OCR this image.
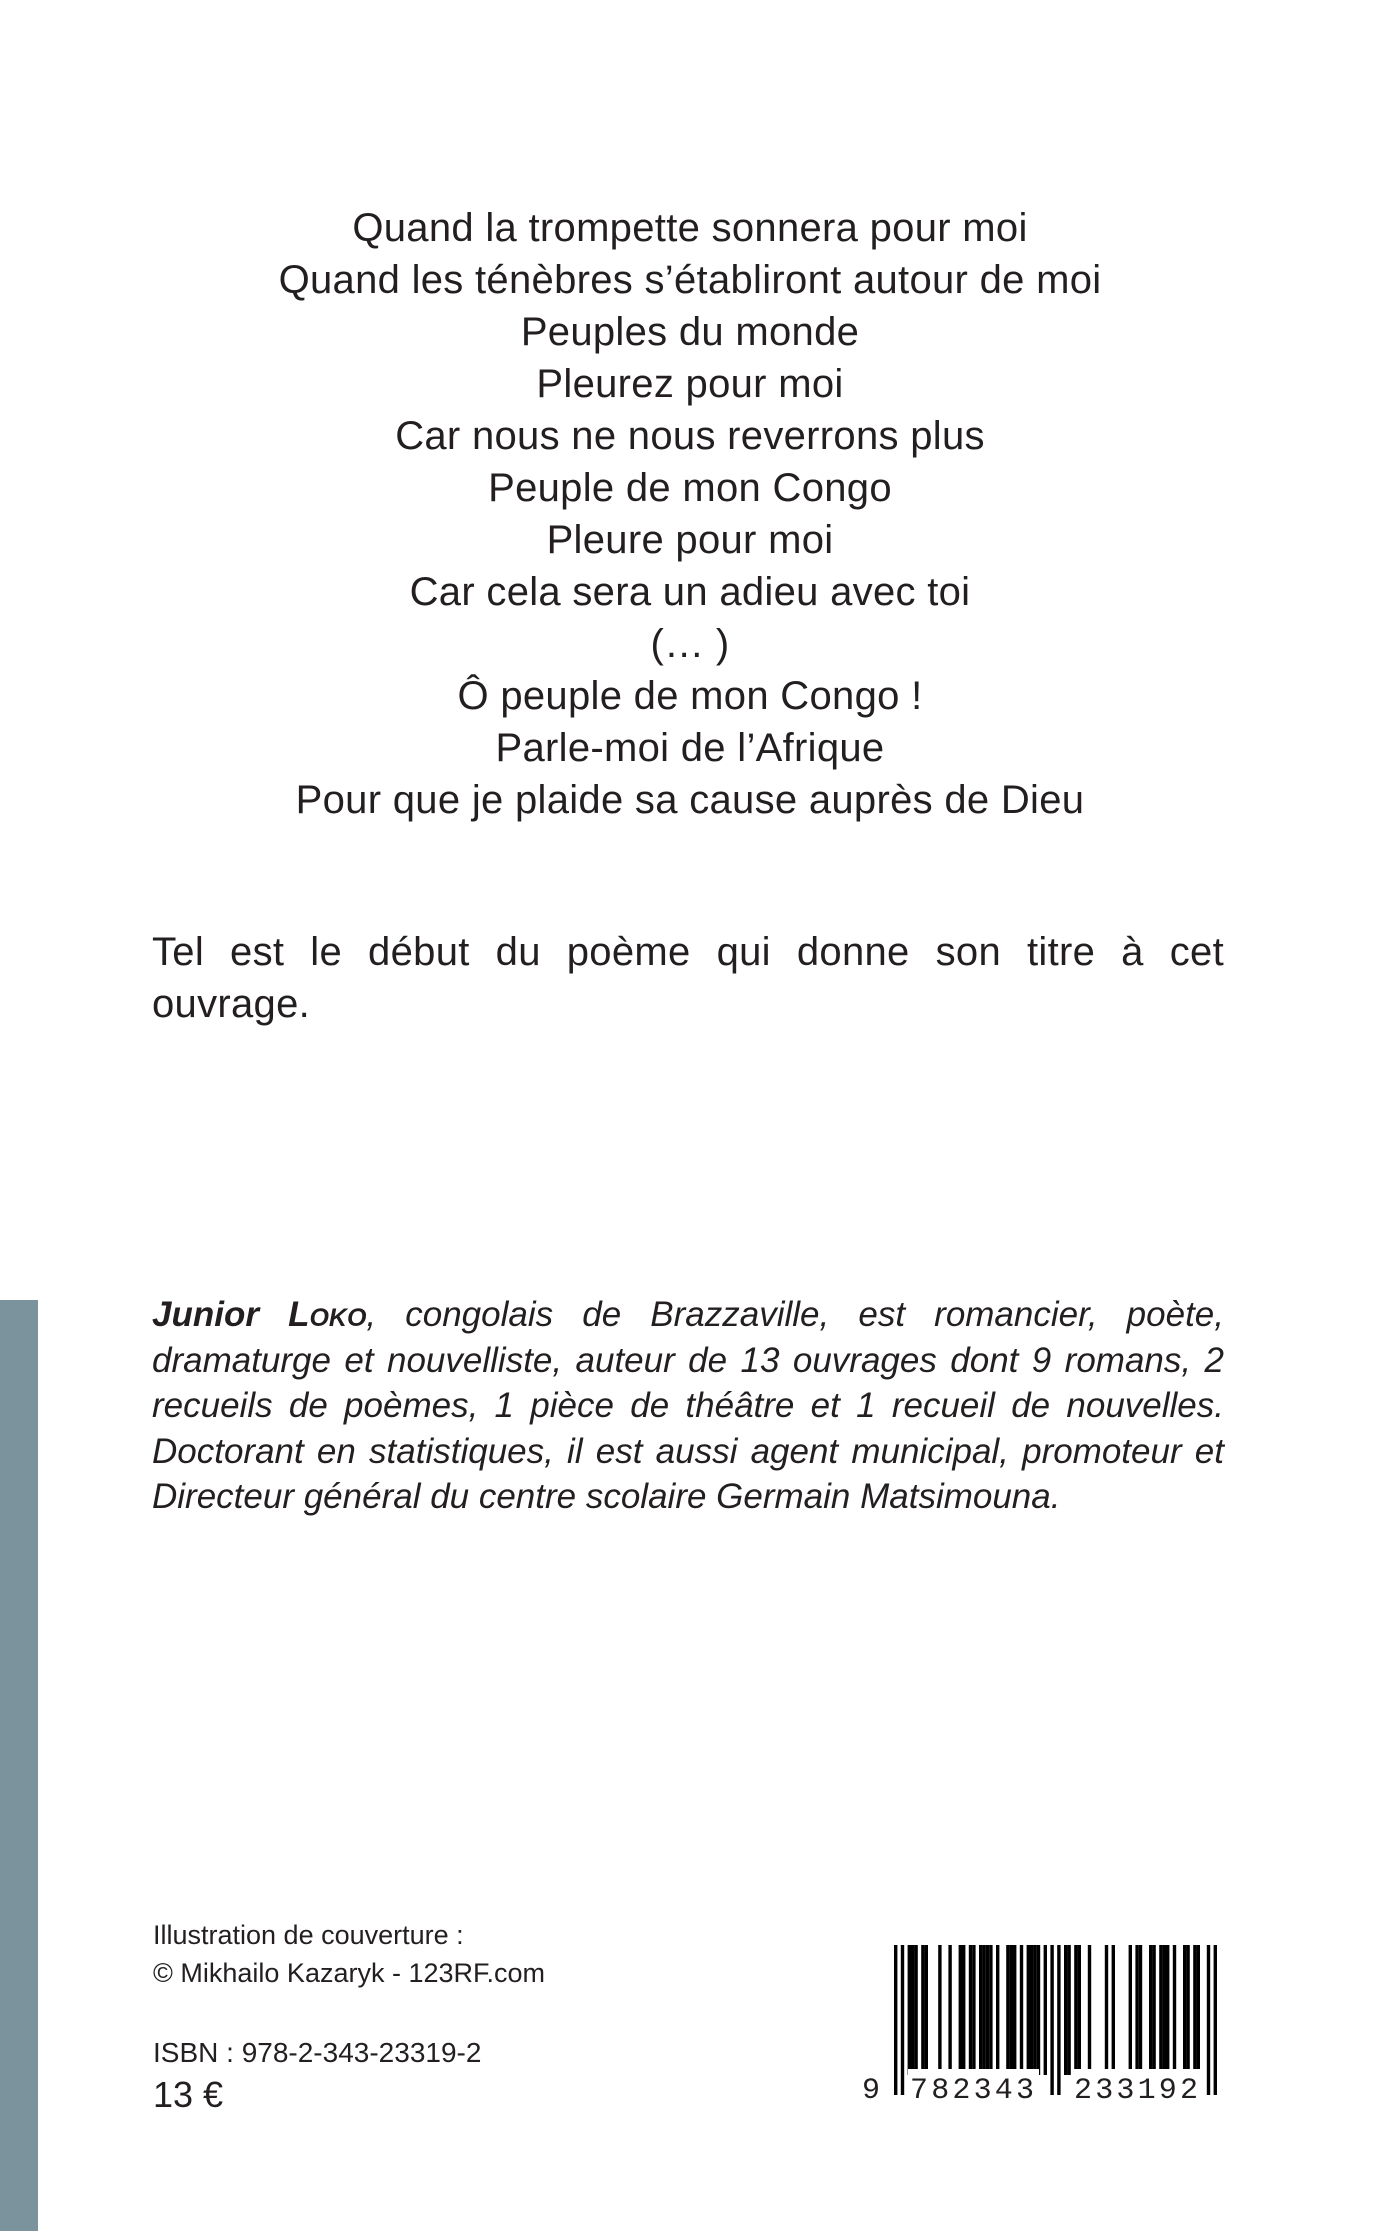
Quand la trompette sonnera pour moi
Quand les ténèbres s’établiront autour de moi
Peuples du monde
Pleurez pour moi
Car nous ne nous reverrons plus
Peuple de mon Congo
Pleure pour moi
Car cela sera un adieu avec toi
(… )
Ô peuple de mon Congo !
Parle-moi de l’Afrique
Pour que je plaide sa cause auprès de Dieu
Tel est le début du poème qui donne son titre à cet ouvrage.
Junior Loko, congolais de Brazzaville, est romancier, poète, dramaturge et nouvelliste, auteur de 13 ouvrages dont 9 romans, 2 recueils de poèmes, 1 pièce de théâtre et 1 recueil de nouvelles. Doctorant en statistiques, il est aussi agent municipal, promoteur et Directeur général du centre scolaire Germain Matsimouna.
Illustration de couverture :
© Mikhailo Kazaryk - 123RF.com
ISBN : 978-2-343-23319-2
13 €	9 782343 233192
